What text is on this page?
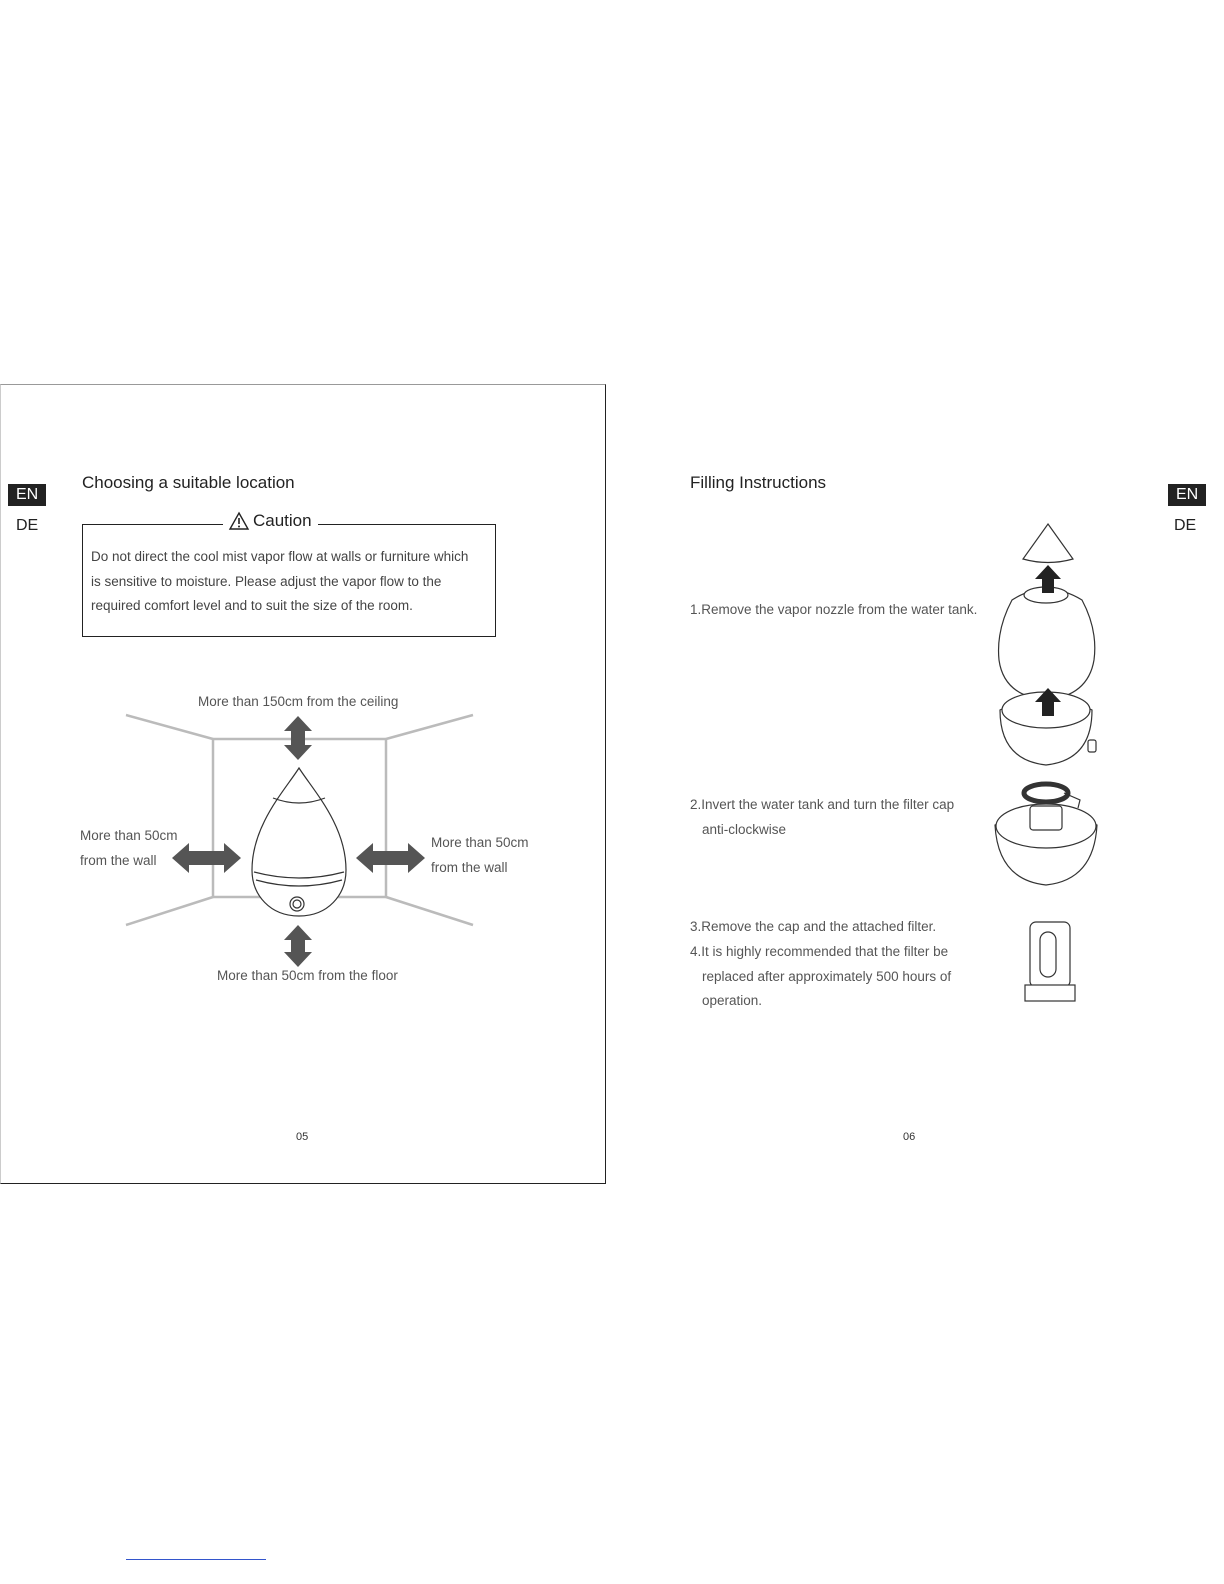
EN
DE
Choosing a suitable location
Caution
Do not direct the cool mist vapor flow at walls or furniture which
is sensitive to moisture. Please adjust the vapor flow to the
required comfort level and to suit the size of the room.
More than 150cm from the ceiling
More than 50cm from the floor
More than 50cm
from the wall
More than 50cm
from the wall
05
Filling Instructions
EN
DE
1.Remove the vapor nozzle from the water tank.
2.Invert the water tank and turn the filter cap
anti-clockwise
3.Remove the cap and the attached filter.
4.It is highly recommended that the filter be
replaced after approximately 500 hours of
operation.
06
